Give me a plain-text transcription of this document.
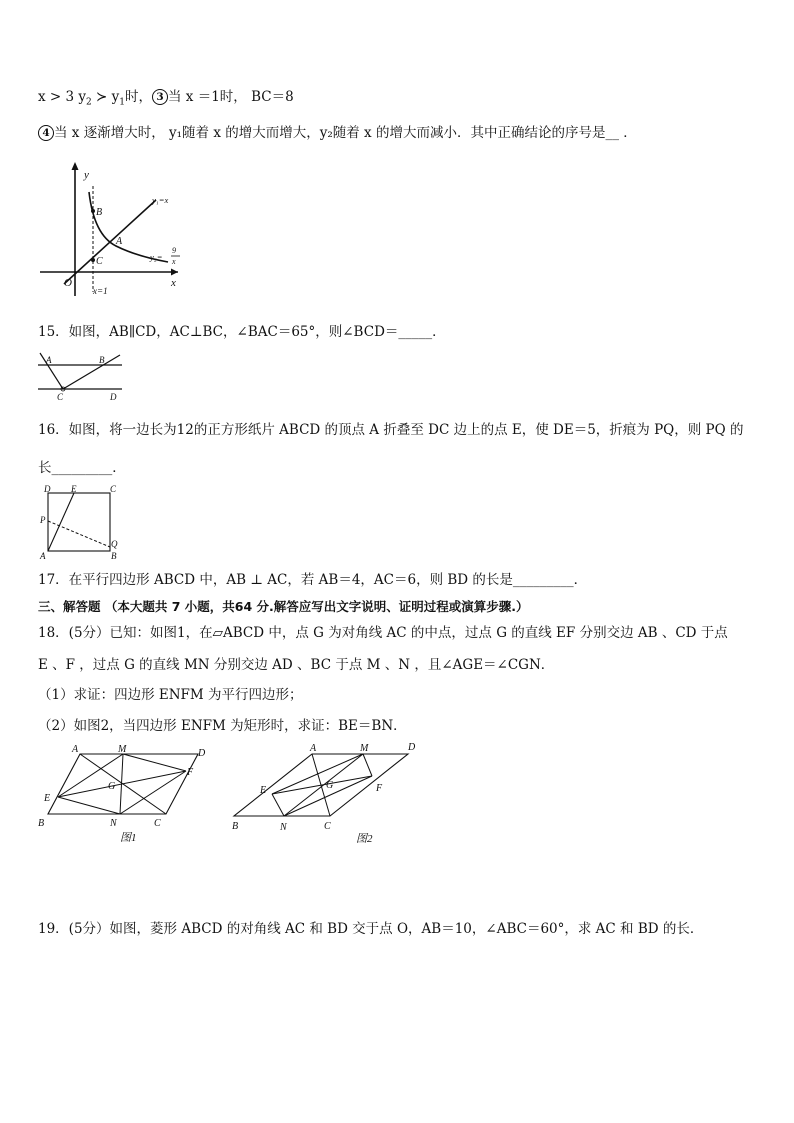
x > 3 $y_2$ ≻ $y_1$时， 3 当 x ＝1时， BC＝8
4 当 x 逐渐增大时， y₁随着 x 的增大而增大，y₂随着 x 的增大而减小．其中正确结论的序号是__ ．
y
x
O
B
A
C
x=1
y₁=x
y₂=
9
x
15．如图，AB∥CD，AC⊥BC，∠BAC＝65°，则∠BCD＝_____．
A	B
C	D
16．如图，将一边长为12的正方形纸片 ABCD 的顶点 A 折叠至 DC 边上的点 E，使 DE＝5，折痕为 PQ，则 PQ 的
长_________．
D E	C
P
A
Q
B
17．在平行四边形 ABCD 中，AB ⊥ AC，若 AB＝4，AC＝6，则 BD 的长是_________．
三、解答题 （本大题共 7 小题，共64 分.解答应写出文字说明、证明过程或演算步骤.）
18．(5分）已知：如图1，在▱ABCD 中，点 G 为对角线 AC 的中点，过点 G 的直线 EF 分别交边 AB 、CD 于点
E 、F ，过点 G 的直线 MN 分别交边 AD 、BC 于点 M 、N ，且∠AGE＝∠CGN．
（1）求证：四边形 ENFM 为平行四边形；
（2）如图2，当四边形 ENFM 为矩形时，求证：BE＝BN．
A	M	D
F
G
E
B	N	C
图1
A	M	D
E	G	F
B	N	C
图2
19．(5分）如图，菱形 ABCD 的对角线 AC 和 BD 交于点 O，AB＝10，∠ABC＝60°，求 AC 和 BD 的长．
